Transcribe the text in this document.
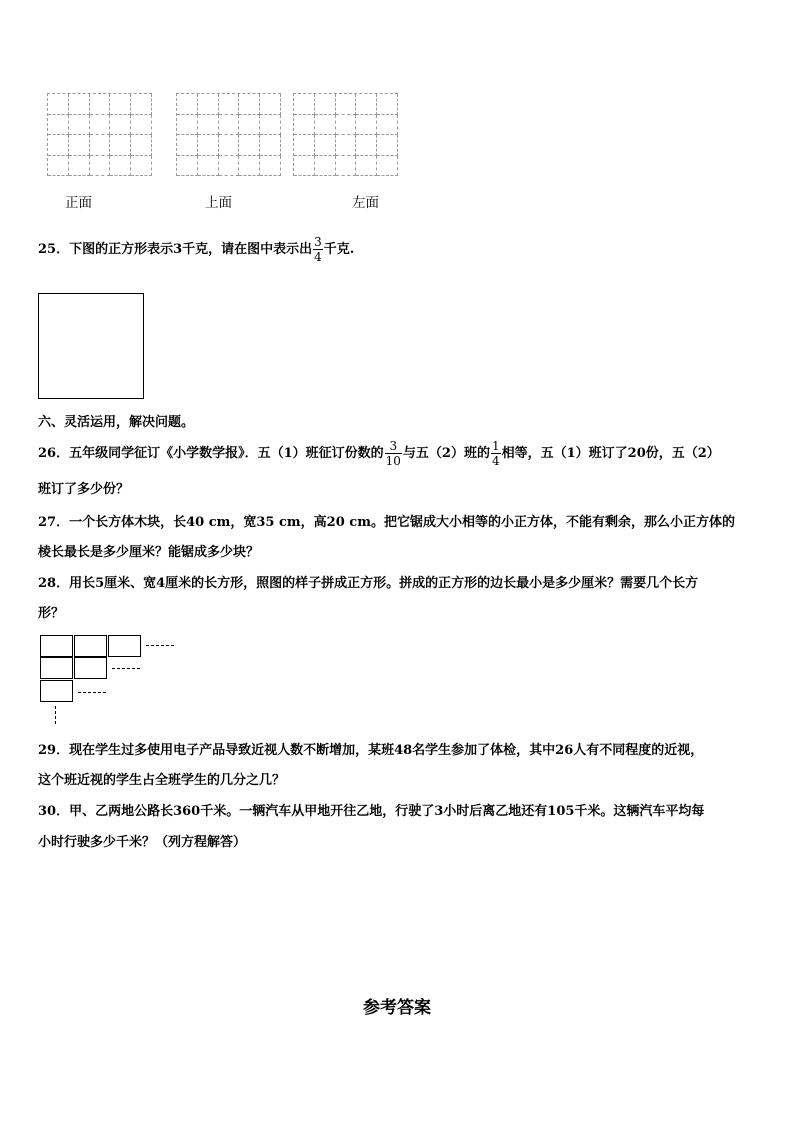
正面	上面	左面
25．下图的正方形表示3千克，请在图中表示出 $\frac{3}{4}$ 千克.
六、灵活运用，解决问题。
26．五年级同学征订《小学数学报》．五（1）班征订份数的 $\frac{3}{10}$ 与五（2）班的 $\frac{1}{4}$ 相等，五（1）班订了20份，五（2）
班订了多少份？
27．一个长方体木块，长40 cm，宽35 cm，高20 cm。把它锯成大小相等的小正方体，不能有剩余，那么小正方体的
棱长最长是多少厘米？能锯成多少块？
28．用长5厘米、宽4厘米的长方形，照图的样子拼成正方形。拼成的正方形的边长最小是多少厘米？需要几个长方
形？
29．现在学生过多使用电子产品导致近视人数不断增加，某班48名学生参加了体检，其中26人有不同程度的近视，
这个班近视的学生占全班学生的几分之几？
30．甲、乙两地公路长360千米。一辆汽车从甲地开往乙地，行驶了3小时后离乙地还有105千米。这辆汽车平均每
小时行驶多少千米？（列方程解答）
参考答案
